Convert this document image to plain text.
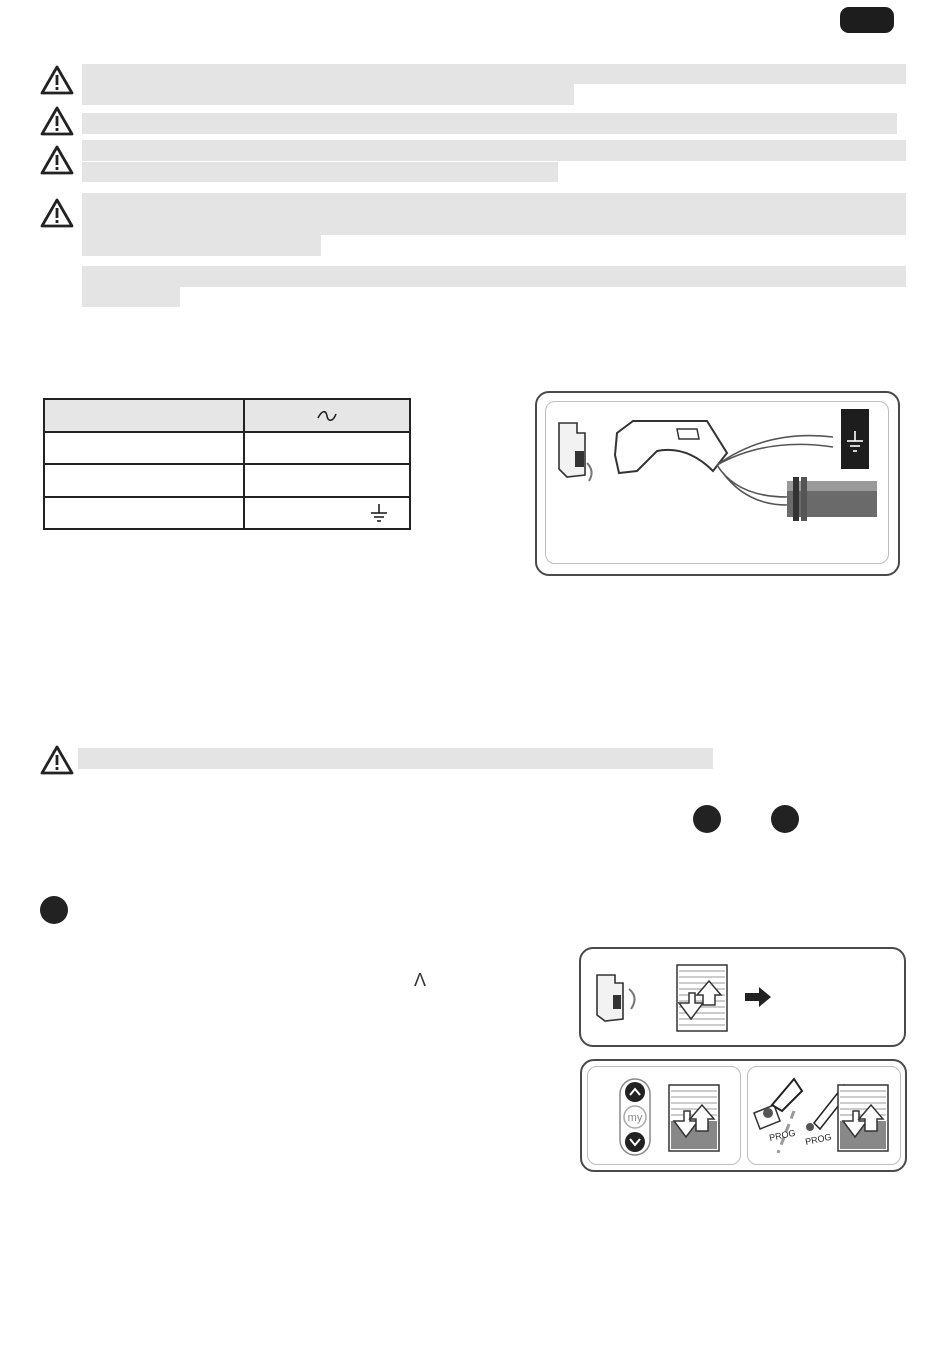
Λ
my
PROG PROG
